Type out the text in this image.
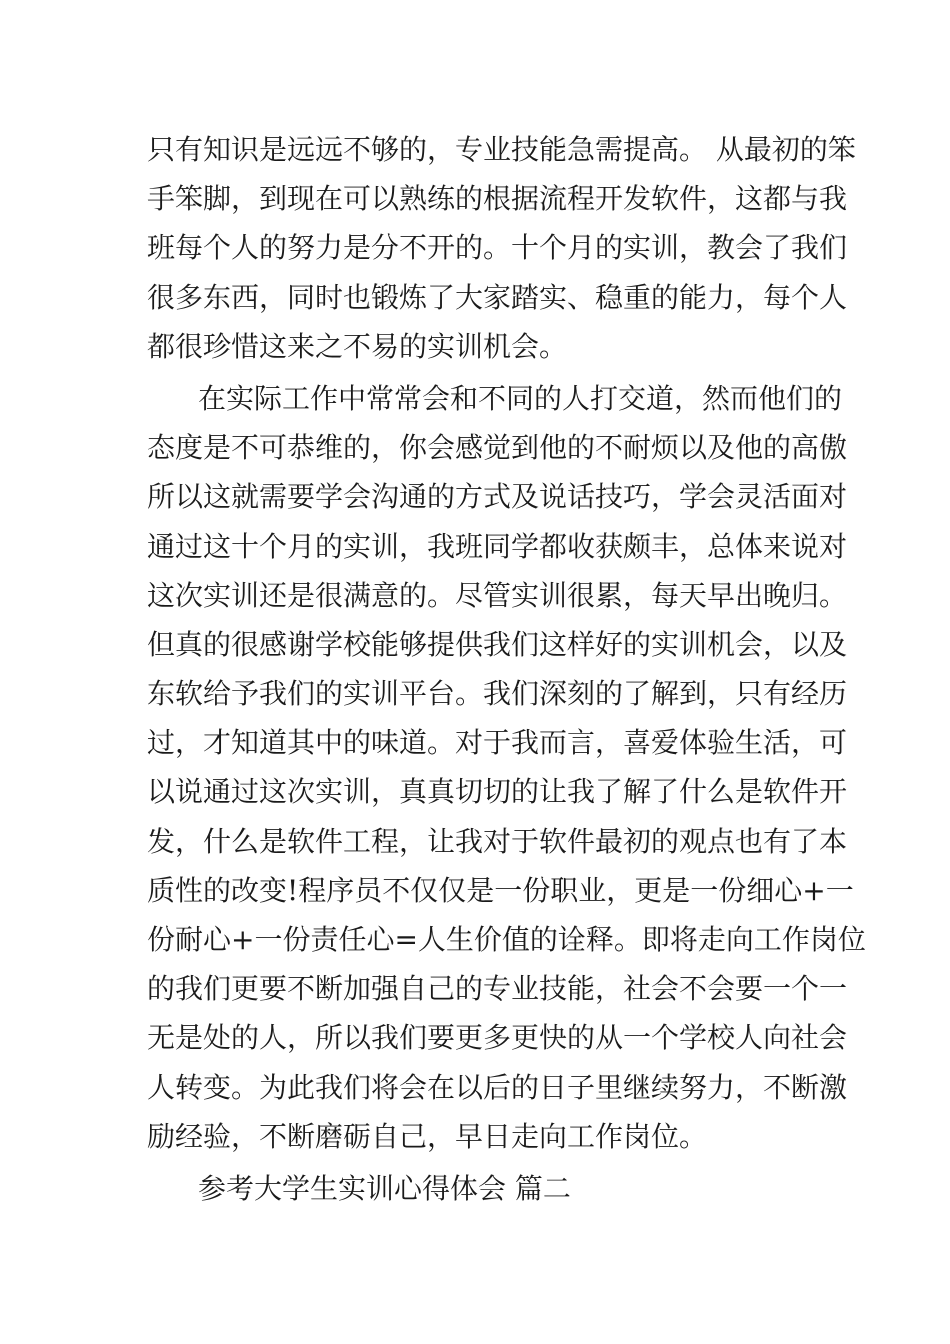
只有知识是远远不够的，专业技能急需提高。 从最初的笨
手笨脚，到现在可以熟练的根据流程开发软件，这都与我
班每个人的努力是分不开的。十个月的实训，教会了我们
很多东西，同时也锻炼了大家踏实、稳重的能力，每个人
都很珍惜这来之不易的实训机会。
在实际工作中常常会和不同的人打交道，然而他们的
态度是不可恭维的，你会感觉到他的不耐烦以及他的高傲
所以这就需要学会沟通的方式及说话技巧，学会灵活面对
通过这十个月的实训，我班同学都收获颇丰，总体来说对
这次实训还是很满意的。尽管实训很累，每天早出晚归。
但真的很感谢学校能够提供我们这样好的实训机会，以及
东软给予我们的实训平台。我们深刻的了解到，只有经历
过，才知道其中的味道。对于我而言，喜爱体验生活，可
以说通过这次实训，真真切切的让我了解了什么是软件开
发，什么是软件工程，让我对于软件最初的观点也有了本
质性的改变!程序员不仅仅是一份职业，更是一份细心+一
份耐心+一份责任心=人生价值的诠释。即将走向工作岗位
的我们更要不断加强自己的专业技能，社会不会要一个一
无是处的人，所以我们要更多更快的从一个学校人向社会
人转变。为此我们将会在以后的日子里继续努力，不断激
励经验，不断磨砺自己，早日走向工作岗位。
参考大学生实训心得体会 篇二
